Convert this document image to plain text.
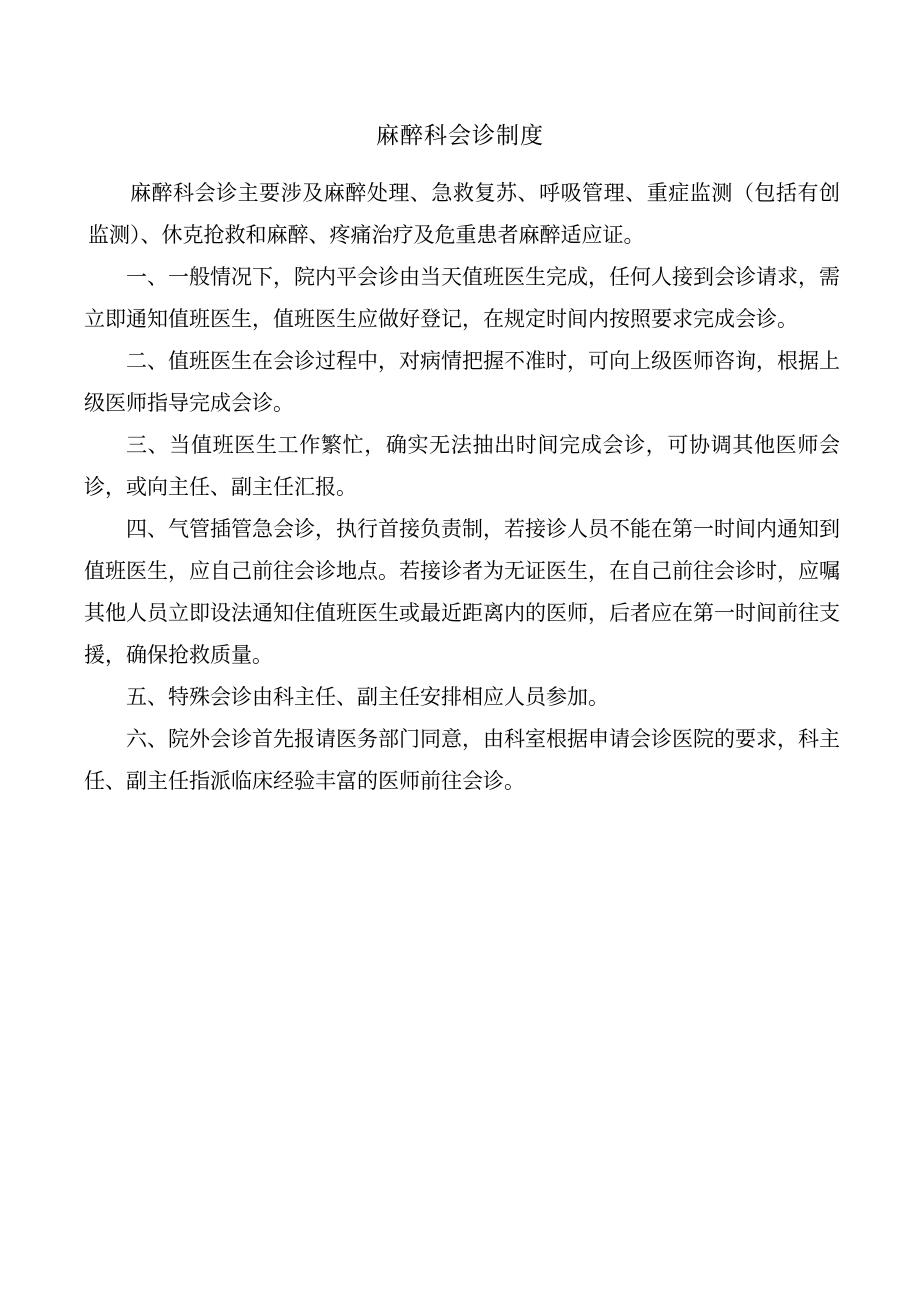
麻醉科会诊制度

麻醉科会诊主要涉及麻醉处理、急救复苏、呼吸管理、重症监测（包括有创监测）、休克抢救和麻醉、疼痛治疗及危重患者麻醉适应证。

一、一般情况下，院内平会诊由当天值班医生完成，任何人接到会诊请求，需立即通知值班医生，值班医生应做好登记，在规定时间内按照要求完成会诊。

二、值班医生在会诊过程中，对病情把握不准时，可向上级医师咨询，根据上级医师指导完成会诊。

三、当值班医生工作繁忙，确实无法抽出时间完成会诊，可协调其他医师会诊，或向主任、副主任汇报。

四、气管插管急会诊，执行首接负责制，若接诊人员不能在第一时间内通知到值班医生，应自己前往会诊地点。若接诊者为无证医生，在自己前往会诊时，应嘱其他人员立即设法通知住值班医生或最近距离内的医师，后者应在第一时间前往支援，确保抢救质量。

五、特殊会诊由科主任、副主任安排相应人员参加。

六、院外会诊首先报请医务部门同意，由科室根据申请会诊医院的要求，科主任、副主任指派临床经验丰富的医师前往会诊。
